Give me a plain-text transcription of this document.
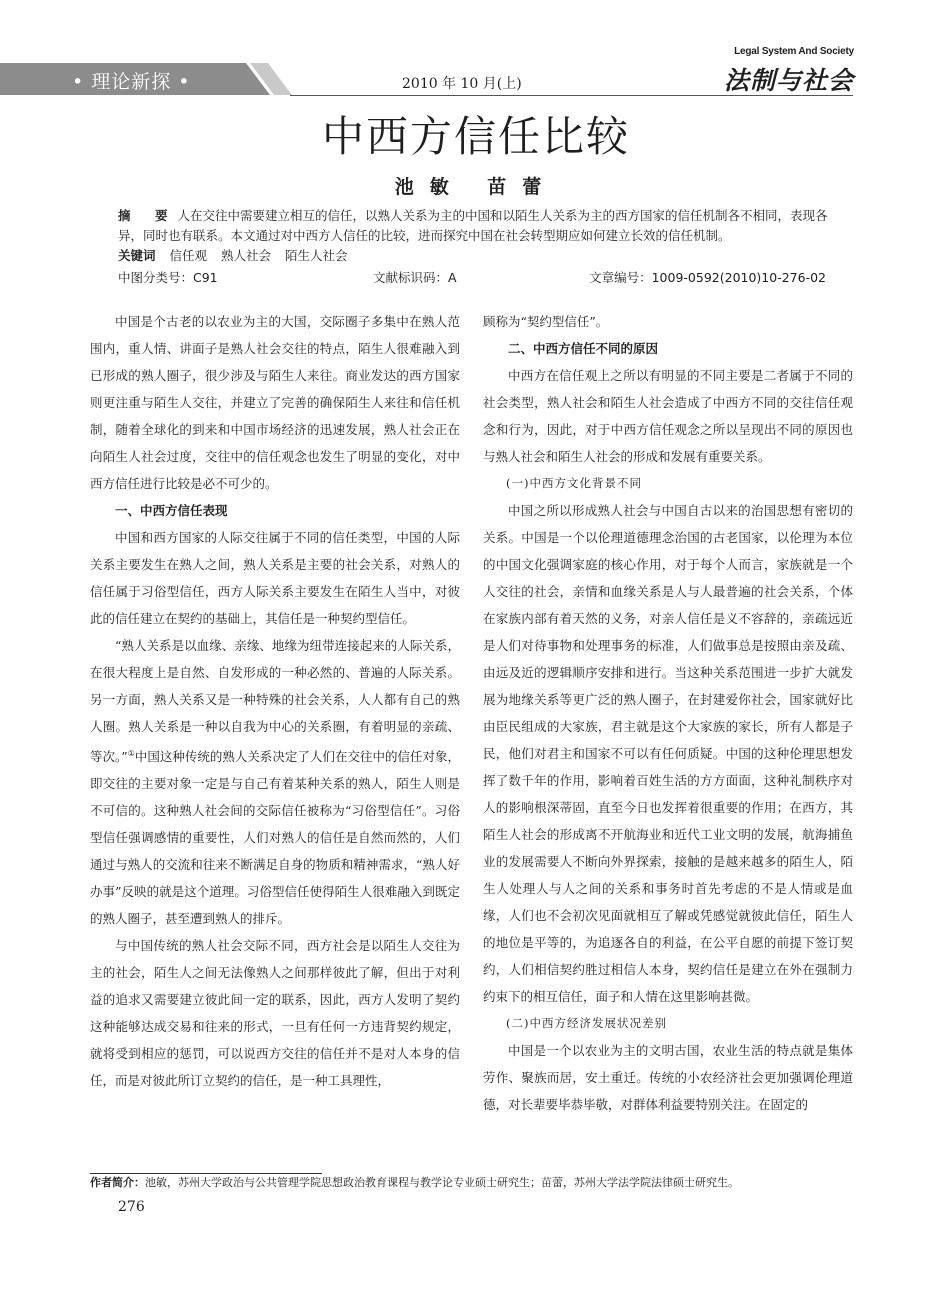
• 理论新探 •	2010 年 10 月(上)
Legal System And Society
法制与社会
中西方信任比较
池敏 苗蕾
摘　要 人在交往中需要建立相互的信任，以熟人关系为主的中国和以陌生人关系为主的西方国家的信任机制各不相同，表现各异，同时也有联系。本文通过对中西方人信任的比较，进而探究中国在社会转型期应如何建立长效的信任机制。
关键词 信任观 熟人社会 陌生人社会
中图分类号：C91	文献标识码：A	文章编号：1009-0592(2010)10-276-02

中国是个古老的以农业为主的大国，交际圈子多集中在熟人范围内，重人情、讲面子是熟人社会交往的特点，陌生人很难融入到已形成的熟人圈子，很少涉及与陌生人来往。商业发达的西方国家则更注重与陌生人交往，并建立了完善的确保陌生人来往和信任机制，随着全球化的到来和中国市场经济的迅速发展，熟人社会正在向陌生人社会过度，交往中的信任观念也发生了明显的变化，对中西方信任进行比较是必不可少的。

一、中西方信任表现

中国和西方国家的人际交往属于不同的信任类型，中国的人际关系主要发生在熟人之间，熟人关系是主要的社会关系，对熟人的信任属于习俗型信任，西方人际关系主要发生在陌生人当中，对彼此的信任建立在契约的基础上，其信任是一种契约型信任。

“熟人关系是以血缘、亲缘、地缘为纽带连接起来的人际关系，在很大程度上是自然、自发形成的一种必然的、普遍的人际关系。另一方面，熟人关系又是一种特殊的社会关系，人人都有自己的熟人圈。熟人关系是一种以自我为中心的关系圈，有着明显的亲疏、等次。”①中国这种传统的熟人关系决定了人们在交往中的信任对象，即交往的主要对象一定是与自己有着某种关系的熟人，陌生人则是不可信的。这种熟人社会间的交际信任被称为“习俗型信任”。习俗型信任强调感情的重要性，人们对熟人的信任是自然而然的，人们通过与熟人的交流和往来不断满足自身的物质和精神需求，“熟人好办事”反映的就是这个道理。习俗型信任使得陌生人很难融入到既定的熟人圈子，甚至遭到熟人的排斥。

与中国传统的熟人社会交际不同，西方社会是以陌生人交往为主的社会，陌生人之间无法像熟人之间那样彼此了解，但出于对利益的追求又需要建立彼此间一定的联系，因此，西方人发明了契约这种能够达成交易和往来的形式，一旦有任何一方违背契约规定，就将受到相应的惩罚，可以说西方交往的信任并不是对人本身的信任，而是对彼此所订立契约的信任，是一种工具理性，

顾称为“契约型信任”。

二、中西方信任不同的原因

中西方在信任观上之所以有明显的不同主要是二者属于不同的社会类型，熟人社会和陌生人社会造成了中西方不同的交往信任观念和行为，因此，对于中西方信任观念之所以呈现出不同的原因也与熟人社会和陌生人社会的形成和发展有重要关系。

(一)中西方文化背景不同

中国之所以形成熟人社会与中国自古以来的治国思想有密切的关系。中国是一个以伦理道德理念治国的古老国家，以伦理为本位的中国文化强调家庭的核心作用，对于每个人而言，家族就是一个人交往的社会，亲情和血缘关系是人与人最普遍的社会关系，个体在家族内部有着天然的义务，对亲人信任是义不容辞的，亲疏远近是人们对待事物和处理事务的标准，人们做事总是按照由亲及疏、由远及近的逻辑顺序安排和进行。当这种关系范围进一步扩大就发展为地缘关系等更广泛的熟人圈子，在封建爱你社会，国家就好比由臣民组成的大家族，君主就是这个大家族的家长，所有人都是子民，他们对君主和国家不可以有任何质疑。中国的这种伦理思想发挥了数千年的作用，影响着百姓生活的方方面面，这种礼制秩序对人的影响根深蒂固，直至今日也发挥着很重要的作用；在西方，其陌生人社会的形成离不开航海业和近代工业文明的发展，航海捕鱼业的发展需要人不断向外界探索，接触的是越来越多的陌生人，陌生人处理人与人之间的关系和事务时首先考虑的不是人情或是血缘，人们也不会初次见面就相互了解或凭感觉就彼此信任，陌生人的地位是平等的，为追逐各自的利益，在公平自愿的前提下签订契约，人们相信契约胜过相信人本身，契约信任是建立在外在强制力约束下的相互信任，面子和人情在这里影响甚微。

(二)中西方经济发展状况差别

中国是一个以农业为主的文明古国，农业生活的特点就是集体劳作、聚族而居，安土重迁。传统的小农经济社会更加强调伦理道德，对长辈要毕恭毕敬，对群体利益要特别关注。在固定的

作者简介：池敏，苏州大学政治与公共管理学院思想政治教育课程与教学论专业硕士研究生；苗蕾，苏州大学法学院法律硕士研究生。
276
